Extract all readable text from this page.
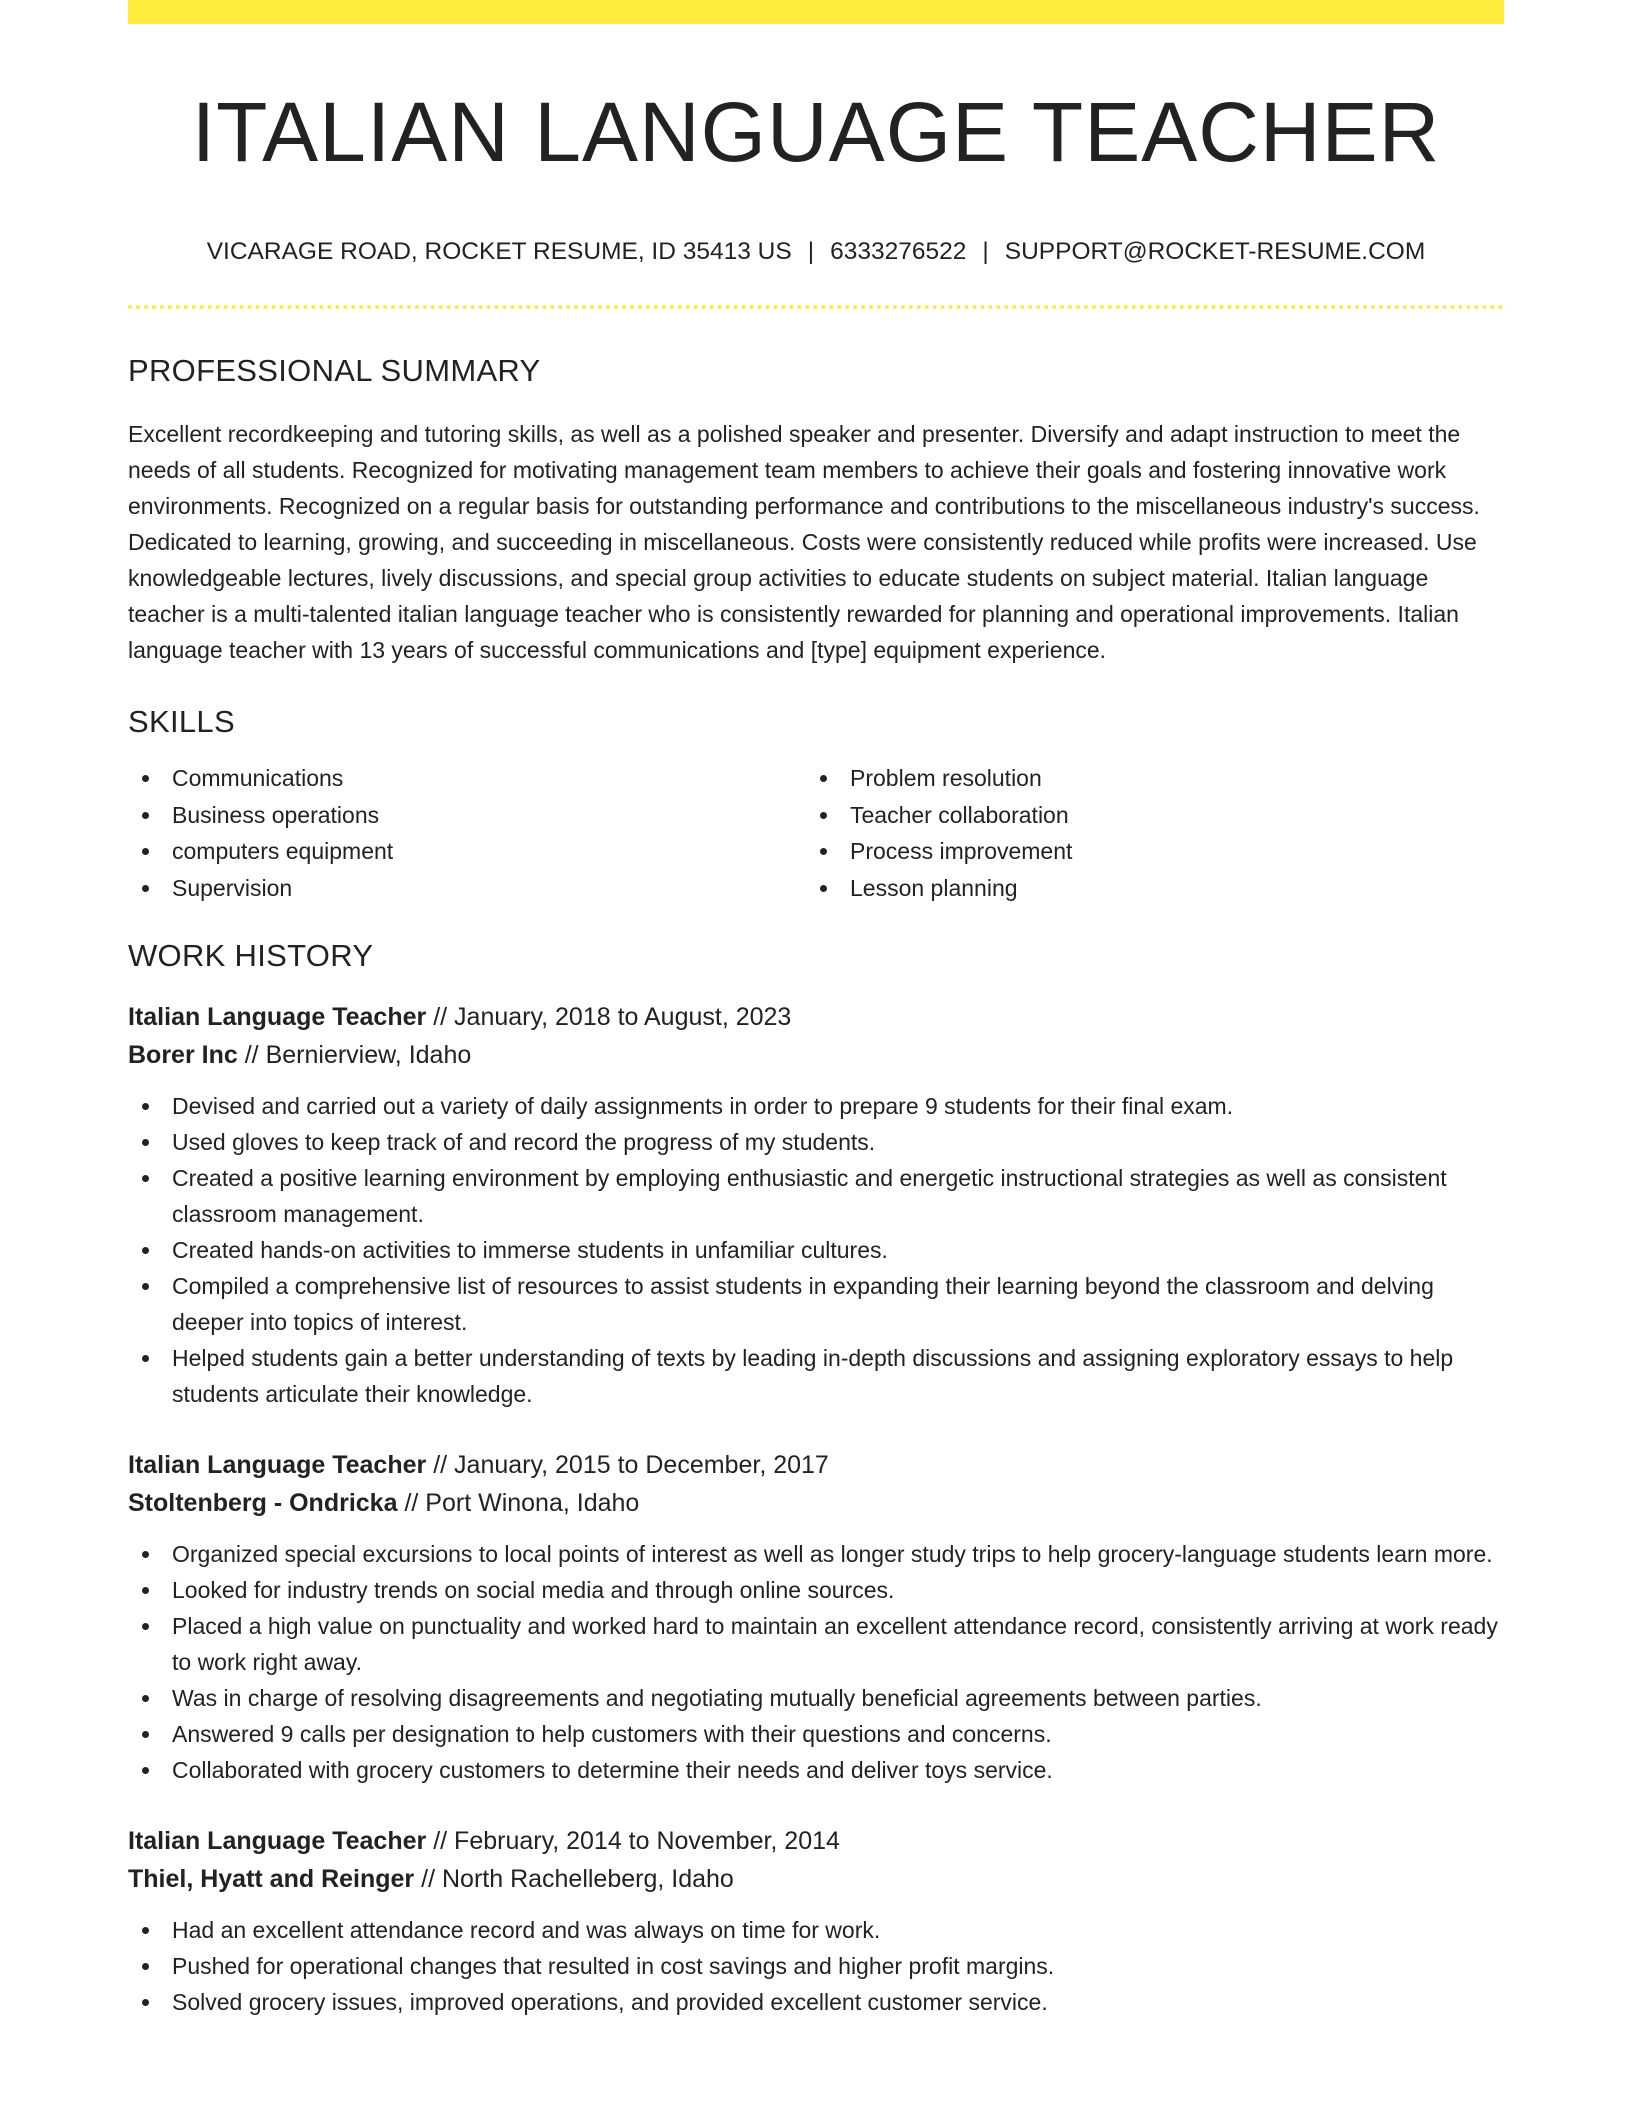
ITALIAN LANGUAGE TEACHER
VICARAGE ROAD, ROCKET RESUME, ID 35413 US | 6333276522 | SUPPORT@ROCKET-RESUME.COM
PROFESSIONAL SUMMARY
Excellent recordkeeping and tutoring skills, as well as a polished speaker and presenter. Diversify and adapt instruction to meet the needs of all students. Recognized for motivating management team members to achieve their goals and fostering innovative work environments. Recognized on a regular basis for outstanding performance and contributions to the miscellaneous industry's success. Dedicated to learning, growing, and succeeding in miscellaneous. Costs were consistently reduced while profits were increased. Use knowledgeable lectures, lively discussions, and special group activities to educate students on subject material. Italian language teacher is a multi-talented italian language teacher who is consistently rewarded for planning and operational improvements. Italian language teacher with 13 years of successful communications and [type] equipment experience.
SKILLS
Communications
Business operations
computers equipment
Supervision
Problem resolution
Teacher collaboration
Process improvement
Lesson planning
WORK HISTORY
Italian Language Teacher // January, 2018 to August, 2023
Borer Inc // Bernierview, Idaho
Devised and carried out a variety of daily assignments in order to prepare 9 students for their final exam.
Used gloves to keep track of and record the progress of my students.
Created a positive learning environment by employing enthusiastic and energetic instructional strategies as well as consistent classroom management.
Created hands-on activities to immerse students in unfamiliar cultures.
Compiled a comprehensive list of resources to assist students in expanding their learning beyond the classroom and delving deeper into topics of interest.
Helped students gain a better understanding of texts by leading in-depth discussions and assigning exploratory essays to help students articulate their knowledge.
Italian Language Teacher // January, 2015 to December, 2017
Stoltenberg - Ondricka // Port Winona, Idaho
Organized special excursions to local points of interest as well as longer study trips to help grocery-language students learn more.
Looked for industry trends on social media and through online sources.
Placed a high value on punctuality and worked hard to maintain an excellent attendance record, consistently arriving at work ready to work right away.
Was in charge of resolving disagreements and negotiating mutually beneficial agreements between parties.
Answered 9 calls per designation to help customers with their questions and concerns.
Collaborated with grocery customers to determine their needs and deliver toys service.
Italian Language Teacher // February, 2014 to November, 2014
Thiel, Hyatt and Reinger // North Rachelleberg, Idaho
Had an excellent attendance record and was always on time for work.
Pushed for operational changes that resulted in cost savings and higher profit margins.
Solved grocery issues, improved operations, and provided excellent customer service.
